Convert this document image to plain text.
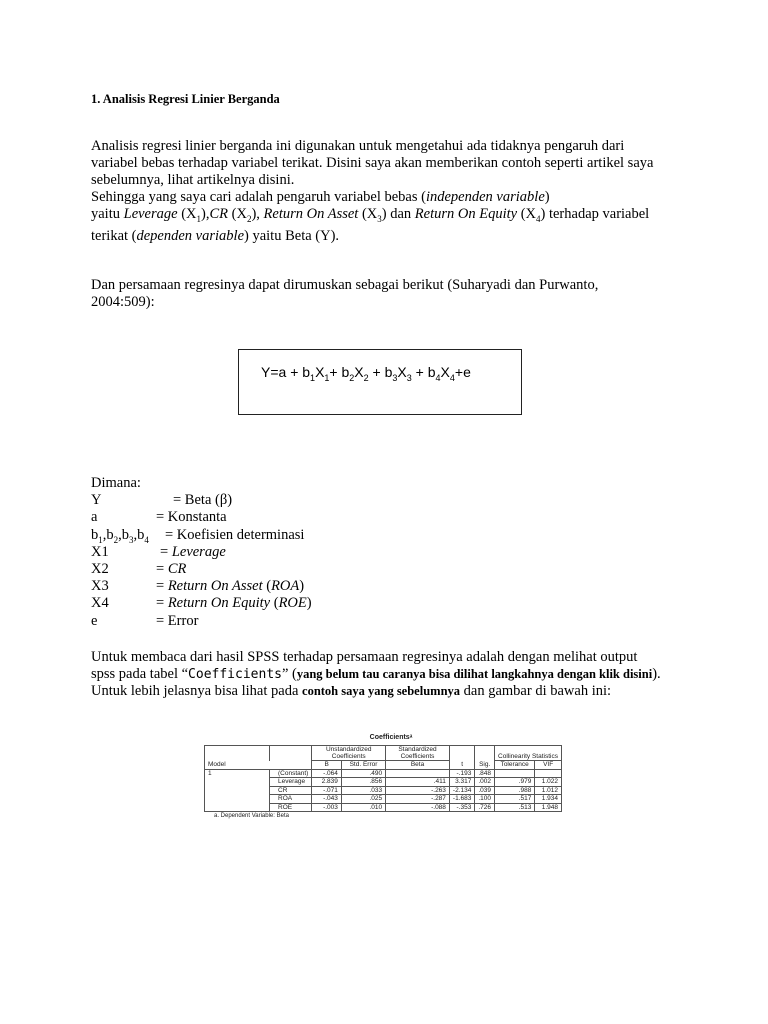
1. Analisis Regresi Linier Berganda

Analisis regresi linier berganda ini digunakan untuk mengetahui ada tidaknya pengaruh dari

variabel bebas terhadap variabel terikat. Disini saya akan memberikan contoh seperti artikel saya

sebelumnya, lihat artikelnya disini.

Sehingga yang saya cari adalah pengaruh variabel bebas (independen variable)

yaitu Leverage $(X_1),CR$ $(X_2)$, Return On Asset $(X_3)$ dan Return On Equity $(X_4)$ terhadap variabel

terikat (dependen variable) yaitu Beta (Y).

Dan persamaan regresinya dapat dirumuskan sebagai berikut (Suharyadi dan Purwanto,

2004:509):

$Y=a + b_1X_1+ b_2X_2 + b_3X_3 + b_4X_4+e$
Dimana:
Y	= Beta (β)
a	= Konstanta
$b_1,b_2,b_3,b_4$ = Koefisien determinasi
X1	= Leverage
X2	= CR
X3	= Return On Asset (ROA)
X4	= Return On Equity (ROE)
e	= Error

Untuk membaca dari hasil SPSS terhadap persamaan regresinya adalah dengan melihat output

spss pada tabel “Coefficients” (yang belum tau caranya bisa dilihat langkahnya dengan klik disini).

Untuk lebih jelasnya bisa lihat pada contoh saya yang sebelumnya dan gambar di bawah ini:

Coefficientsᵃ
		Unstandardized Coefficients		Standardized Coefficients			Collinearity Statistics	
Model		B	Std. Error	Beta	t	Sig.	Tolerance	VIF
1	(Constant)	-.064	.490		-.193	.848		
	Leverage	2.839	.856	.411	3.317	.002	.979	1.022
	CR	-.071	.033	-.263	-2.134	.039	.988	1.012
	ROA	-.043	.025	-.287	-1.683	.100	.517	1.934
	ROE	-.003	.010	-.088	-.353	.726	.513	1.948
a. Dependent Variable: Beta
